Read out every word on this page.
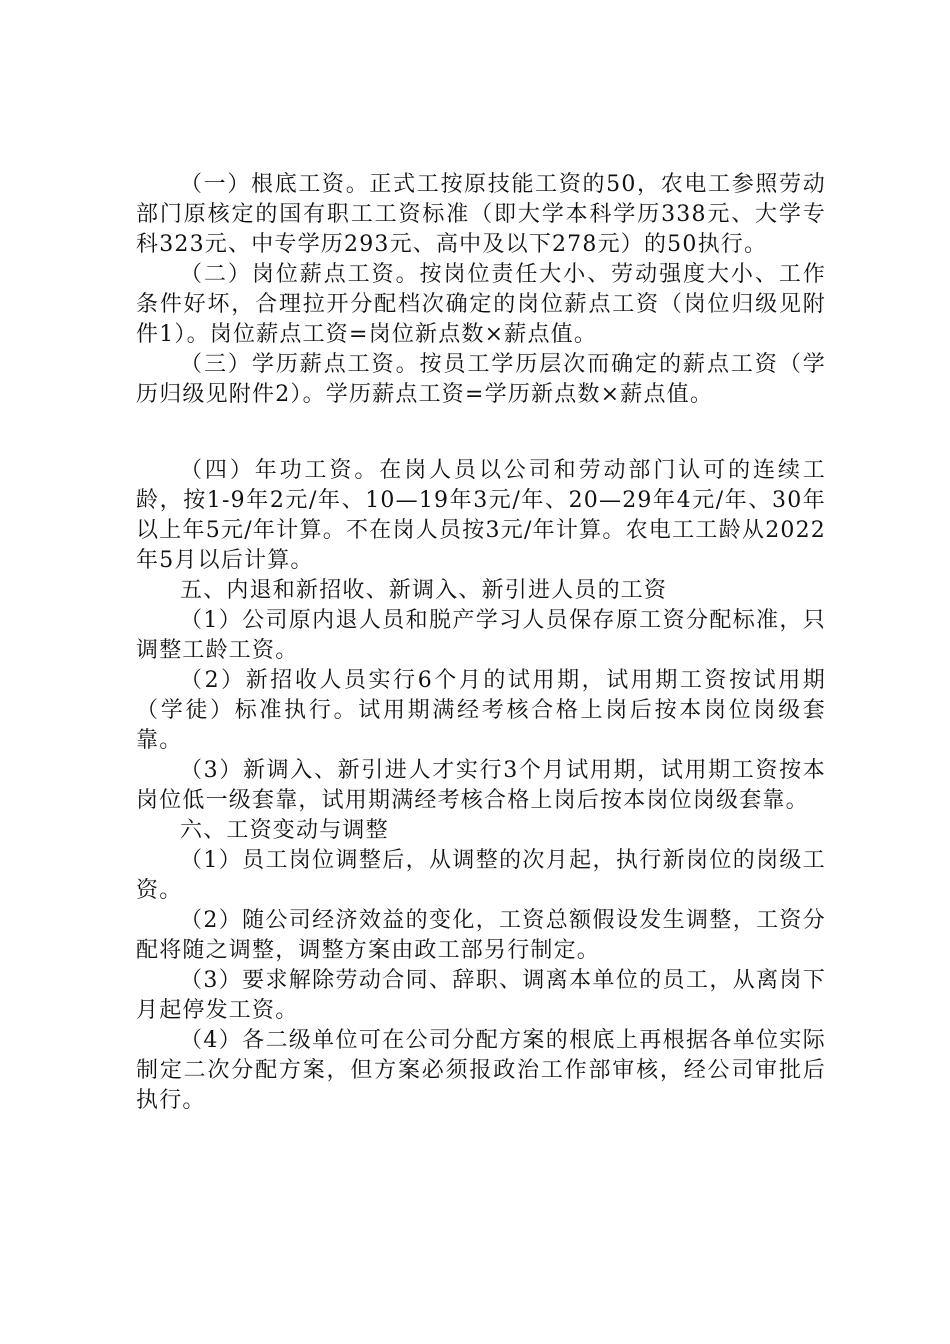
（一）根底工资。正式工按原技能工资的50，农电工参照劳动部门原核定的国有职工工资标准（即大学本科学历338元、大学专科323元、中专学历293元、高中及以下278元）的50执行。

（二）岗位薪点工资。按岗位责任大小、劳动强度大小、工作条件好坏，合理拉开分配档次确定的岗位薪点工资（岗位归级见附件1）。岗位薪点工资=岗位新点数×薪点值。

（三）学历薪点工资。按员工学历层次而确定的薪点工资（学历归级见附件2）。学历薪点工资=学历新点数×薪点值。

（四）年功工资。在岗人员以公司和劳动部门认可的连续工龄，按1-9年2元/年、10—19年3元/年、20—29年4元/年、30年以上年5元/年计算。不在岗人员按3元/年计算。农电工工龄从2022年5月以后计算。

五、内退和新招收、新调入、新引进人员的工资

（1）公司原内退人员和脱产学习人员保存原工资分配标准，只调整工龄工资。

（2）新招收人员实行6个月的试用期，试用期工资按试用期（学徒）标准执行。试用期满经考核合格上岗后按本岗位岗级套靠。

（3）新调入、新引进人才实行3个月试用期，试用期工资按本岗位低一级套靠，试用期满经考核合格上岗后按本岗位岗级套靠。

六、工资变动与调整

（1）员工岗位调整后，从调整的次月起，执行新岗位的岗级工资。

（2）随公司经济效益的变化，工资总额假设发生调整，工资分配将随之调整，调整方案由政工部另行制定。

（3）要求解除劳动合同、辞职、调离本单位的员工，从离岗下月起停发工资。

（4）各二级单位可在公司分配方案的根底上再根据各单位实际制定二次分配方案，但方案必须报政治工作部审核，经公司审批后执行。
